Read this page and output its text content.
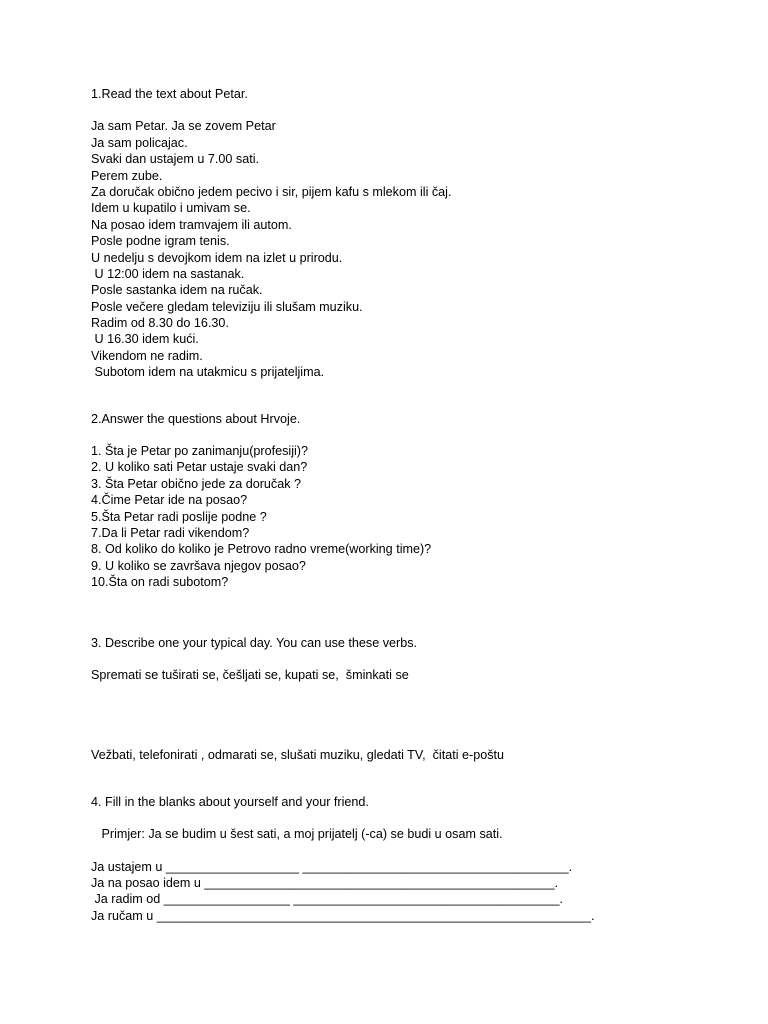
1.Read the text about Petar.
Ja sam Petar. Ja se zovem Petar
Ja sam policajac.
Svaki dan ustajem u 7.00 sati.
Perem zube.
Za doručak obično jedem pecivo i sir, pijem kafu s mlekom ili čaj.
Idem u kupatilo i umivam se.
Na posao idem tramvajem ili autom.
Posle podne igram tenis.
U nedelju s devojkom idem na izlet u prirodu.
U 12:00 idem na sastanak.
Posle sastanka idem na ručak.
Posle večere gledam televiziju ili slušam muziku.
Radim od 8.30 do 16.30.
U 16.30 idem kući.
Vikendom ne radim.
Subotom idem na utakmicu s prijateljima.
2.Answer the questions about Hrvoje.
1. Šta je Petar po zanimanju(profesiji)?
2. U koliko sati Petar ustaje svaki dan?
3. Šta Petar obično jede za doručak ?
4.Čime Petar ide na posao?
5.Šta Petar radi poslije podne ?
7.Da li Petar radi vikendom?
8. Od koliko do koliko je Petrovo radno vreme(working time)?
9. U koliko se završava njegov posao?
10.Šta on radi subotom?
3. Describe one your typical day. You can use these verbs.
Spremati se tuširati se, češljati se, kupati se,  šminkati se
Vežbati, telefonirati , odmarati se, slušati muziku, gledati TV,  čitati e-poštu
4. Fill in the blanks about yourself and your friend.
Primjer: Ja se budim u šest sati, a moj prijatelj (-ca) se budi u osam sati.
Ja ustajem u ___________________ ______________________________________.
Ja na posao idem u __________________________________________________.
Ja radim od __________________ ______________________________________.
Ja ručam u ______________________________________________________________.
